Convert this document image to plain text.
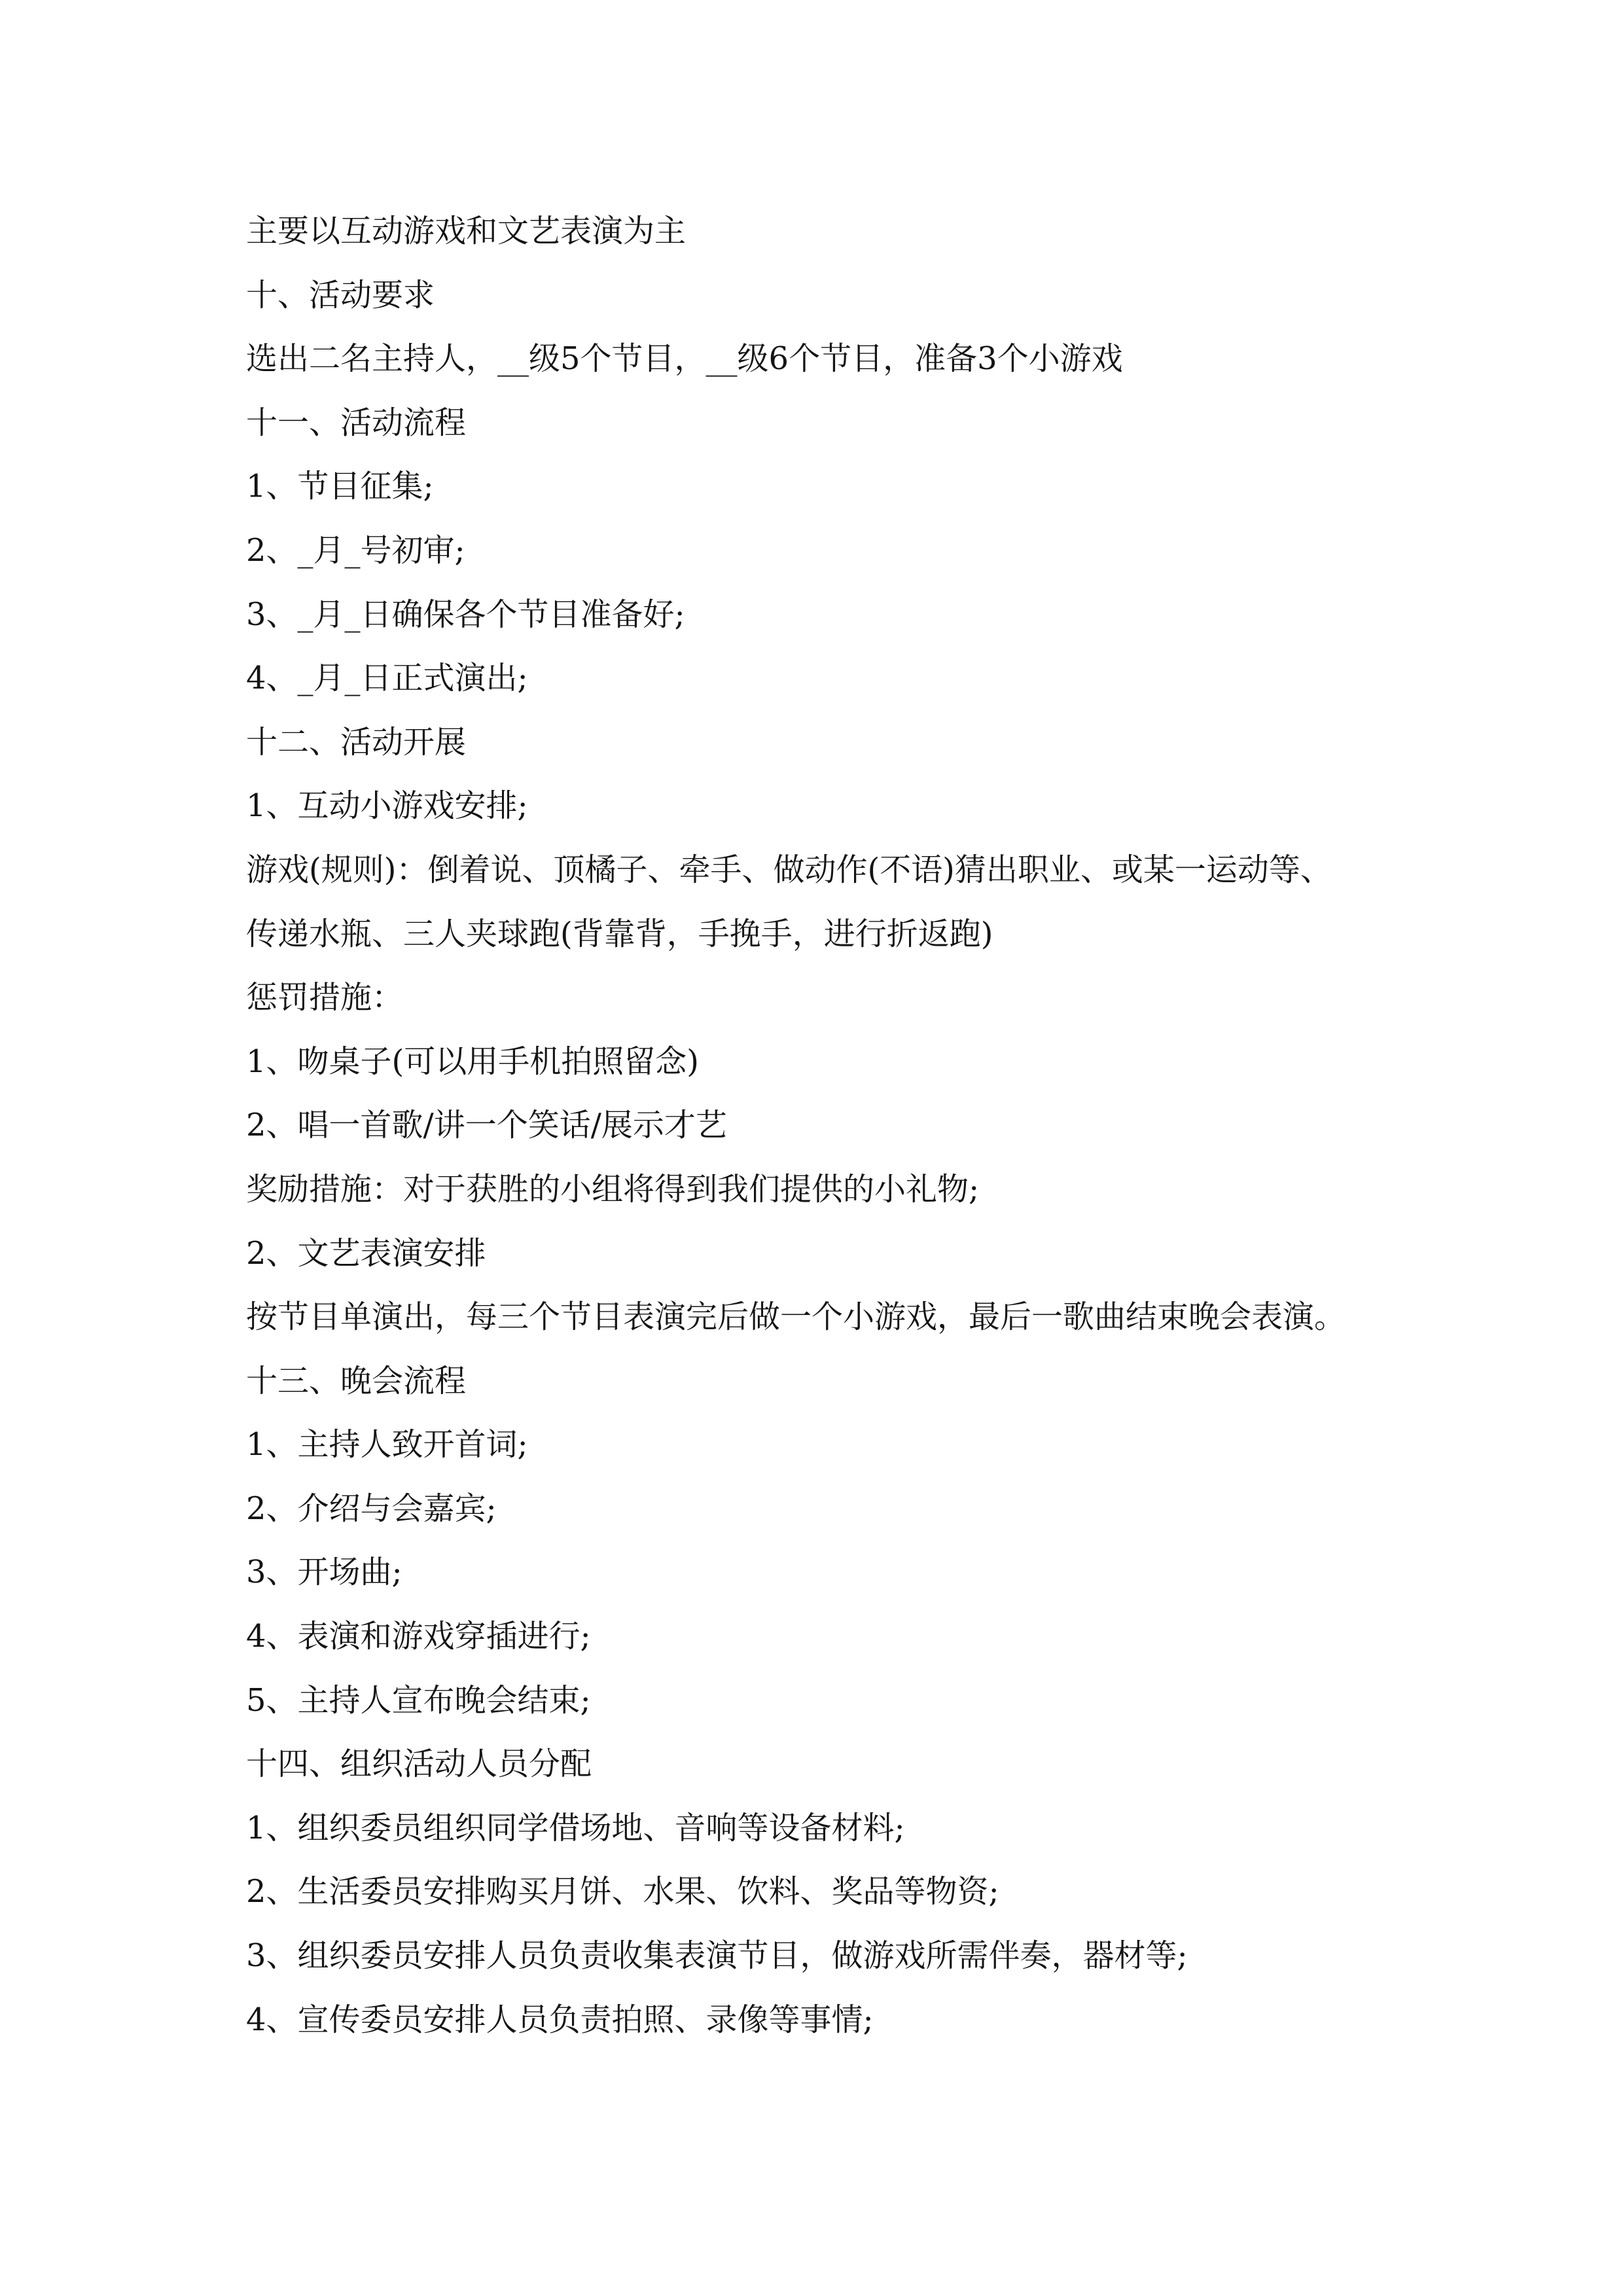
主要以互动游戏和文艺表演为主
十、活动要求
选出二名主持人，__级5个节目，__级6个节目，准备3个小游戏
十一、活动流程
1、节目征集;
2、_月_号初审;
3、_月_日确保各个节目准备好;
4、_月_日正式演出;
十二、活动开展
1、互动小游戏安排;
游戏(规则)：倒着说、顶橘子、牵手、做动作(不语)猜出职业、或某一运动等、
传递水瓶、三人夹球跑(背靠背，手挽手，进行折返跑)
惩罚措施：
1、吻桌子(可以用手机拍照留念)
2、唱一首歌/讲一个笑话/展示才艺
奖励措施：对于获胜的小组将得到我们提供的小礼物;
2、文艺表演安排
按节目单演出，每三个节目表演完后做一个小游戏，最后一歌曲结束晚会表演。
十三、晚会流程
1、主持人致开首词;
2、介绍与会嘉宾;
3、开场曲;
4、表演和游戏穿插进行;
5、主持人宣布晚会结束;
十四、组织活动人员分配
1、组织委员组织同学借场地、音响等设备材料;
2、生活委员安排购买月饼、水果、饮料、奖品等物资;
3、组织委员安排人员负责收集表演节目，做游戏所需伴奏，器材等;
4、宣传委员安排人员负责拍照、录像等事情;
